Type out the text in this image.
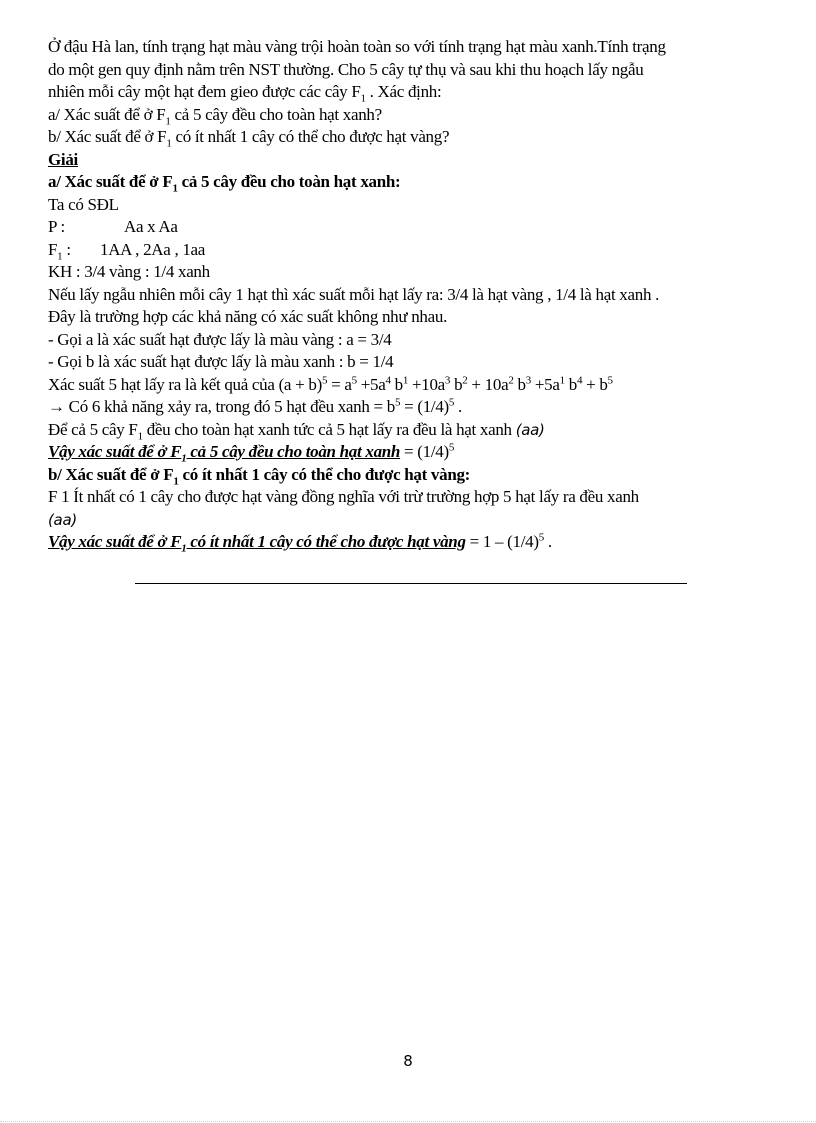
Ở đậu Hà lan, tính trạng hạt màu vàng trội hoàn toàn so với tính trạng hạt màu xanh.Tính trạng
do một gen quy định nằm trên NST thường. Cho 5 cây tự thụ và sau khi thu hoạch lấy ngẫu
nhiên mỗi cây một hạt đem gieo được các cây $F_1$ . Xác định:
a/ Xác suất để ở $F_1$ cả 5 cây đều cho toàn hạt xanh?
b/ Xác suất để ở $F_1$ có ít nhất 1 cây có thể cho được hạt vàng?
Giải
a/ Xác suất để ở $F_1$ cả 5 cây đều cho toàn hạt xanh:
Ta có SĐL
P :	Aa x Aa
$F_1$ : 1AA , 2Aa , 1aa
KH : 3/4 vàng : 1/4 xanh
Nếu lấy ngẫu nhiên mỗi cây 1 hạt thì xác suất mỗi hạt lấy ra: 3/4 là hạt vàng , 1/4 là hạt xanh .
Đây là trường hợp các khả năng có xác suất không như nhau.
- Gọi a là xác suất hạt được lấy là màu vàng : a = 3/4
- Gọi b là xác suất hạt được lấy là màu xanh : b = 1/4
Xác suất 5 hạt lấy ra là kết quả của $(a + b)^5 = a^5 +5a^4$ $b^1 +10a^3$ $b^2 + 10a^2$ $b^3 +5a^1$ $b^4 + b^5$
→ Có 6 khả năng xảy ra, trong đó 5 hạt đều xanh = $b^5 = (1/4)^5$ .
Để cả 5 cây $F_1$ đều cho toàn hạt xanh tức cả 5 hạt lấy ra đều là hạt xanh (aa)
Vậy xác suất để ở $F_1$ cả 5 cây đều cho toàn hạt xanh = $(1/4)^5$
b/ Xác suất để ở $F_1$ có ít nhất 1 cây có thể cho được hạt vàng:
F 1 Ít nhất có 1 cây cho được hạt vàng đồng nghĩa với trừ trường hợp 5 hạt lấy ra đều xanh
(aa)
Vậy xác suất để ở $F_1$ có ít nhất 1 cây có thể cho được hạt vàng = $1 - (1/4)^5$ .
8
